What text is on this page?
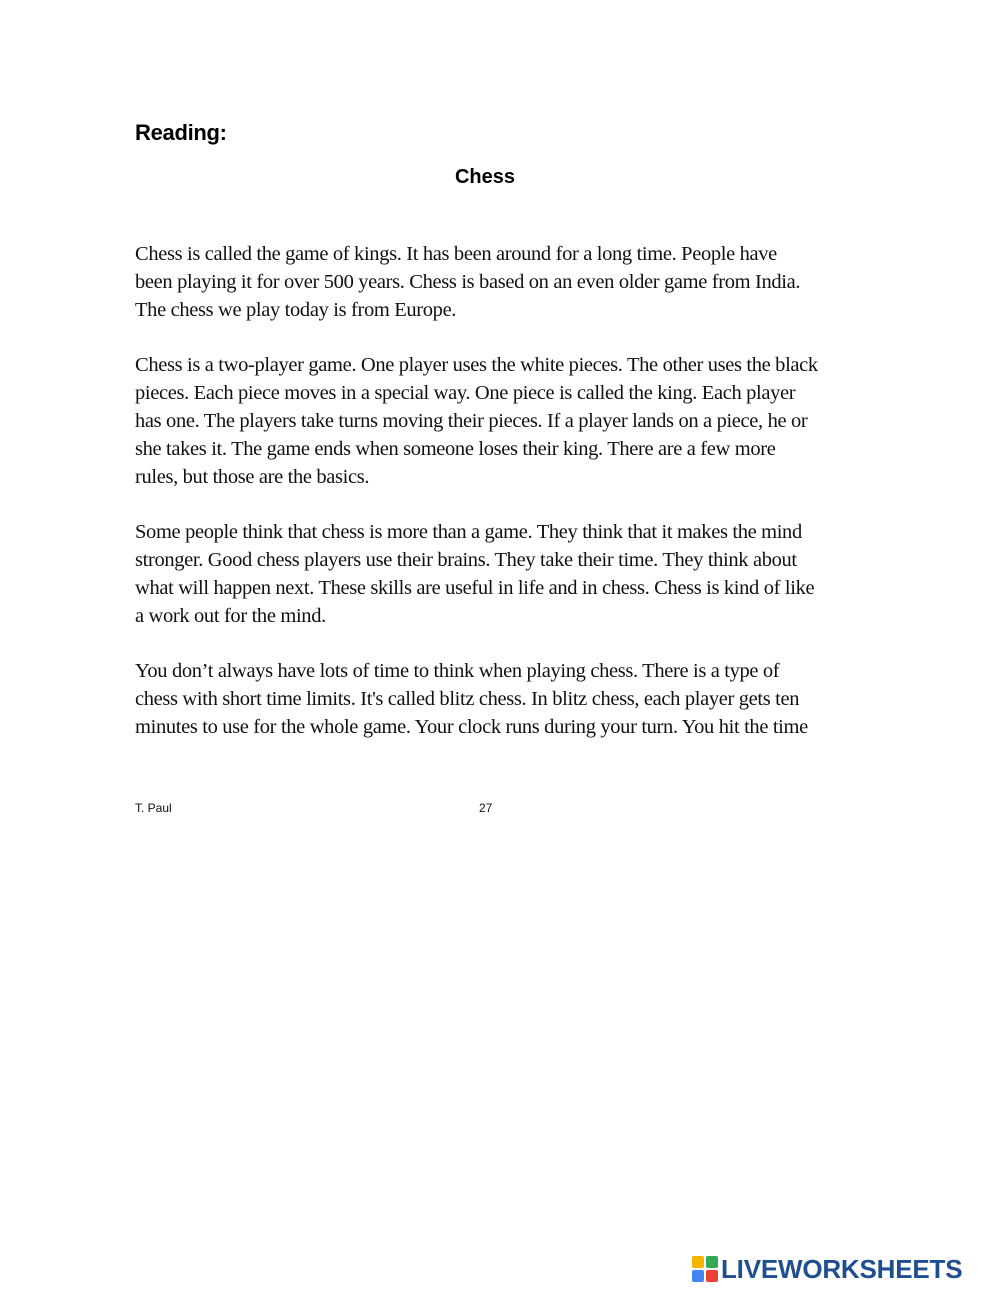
Reading:
Chess

Chess is called the game of kings. It has been around for a long time. People have
been playing it for over 500 years. Chess is based on an even older game from India.
The chess we play today is from Europe.

Chess is a two-player game. One player uses the white pieces. The other uses the black
pieces. Each piece moves in a special way. One piece is called the king. Each player
has one. The players take turns moving their pieces. If a player lands on a piece, he or
she takes it. The game ends when someone loses their king. There are a few more
rules, but those are the basics.

Some people think that chess is more than a game. They think that it makes the mind
stronger. Good chess players use their brains. They take their time. They think about
what will happen next. These skills are useful in life and in chess. Chess is kind of like
a work out for the mind.

You don’t always have lots of time to think when playing chess. There is a type of
chess with short time limits. It's called blitz chess. In blitz chess, each player gets ten
minutes to use for the whole game. Your clock runs during your turn. You hit the time

T. Paul	27
LIVEWORKSHEETS
